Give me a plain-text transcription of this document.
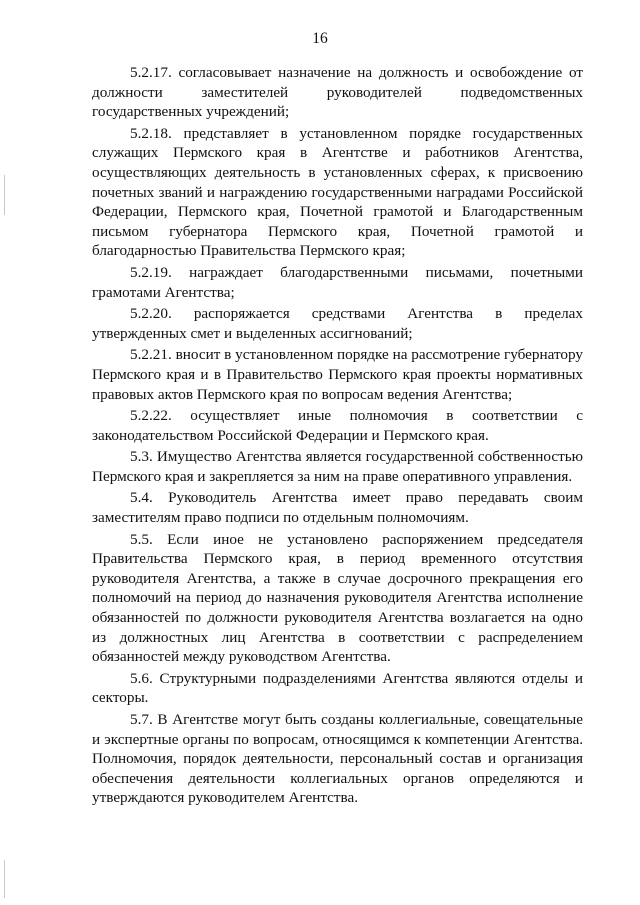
16

5.2.17. согласовывает назначение на должность и освобождение от должности заместителей руководителей подведомственных государственных учреждений;

5.2.18. представляет в установленном порядке государственных служащих Пермского края в Агентстве и работников Агентства, осуществляющих деятельность в установленных сферах, к присвоению почетных званий и награждению государственными наградами Российской Федерации, Пермского края, Почетной грамотой и Благодарственным письмом губернатора Пермского края, Почетной грамотой и благодарностью Правительства Пермского края;

5.2.19. награждает благодарственными письмами, почетными грамотами Агентства;

5.2.20. распоряжается средствами Агентства в пределах утвержденных смет и выделенных ассигнований;

5.2.21. вносит в установленном порядке на рассмотрение губернатору Пермского края и в Правительство Пермского края проекты нормативных правовых актов Пермского края по вопросам ведения Агентства;

5.2.22. осуществляет иные полномочия в соответствии с законодательством Российской Федерации и Пермского края.

5.3. Имущество Агентства является государственной собственностью Пермского края и закрепляется за ним на праве оперативного управления.

5.4. Руководитель Агентства имеет право передавать своим заместителям право подписи по отдельным полномочиям.

5.5. Если иное не установлено распоряжением председателя Правительства Пермского края, в период временного отсутствия руководителя Агентства, а также в случае досрочного прекращения его полномочий на период до назначения руководителя Агентства исполнение обязанностей по должности руководителя Агентства возлагается на одно из должностных лиц Агентства в соответствии с распределением обязанностей между руководством Агентства.

5.6. Структурными подразделениями Агентства являются отделы и секторы.

5.7. В Агентстве могут быть созданы коллегиальные, совещательные и экспертные органы по вопросам, относящимся к компетенции Агентства. Полномочия, порядок деятельности, персональный состав и организация обеспечения деятельности коллегиальных органов определяются и утверждаются руководителем Агентства.
